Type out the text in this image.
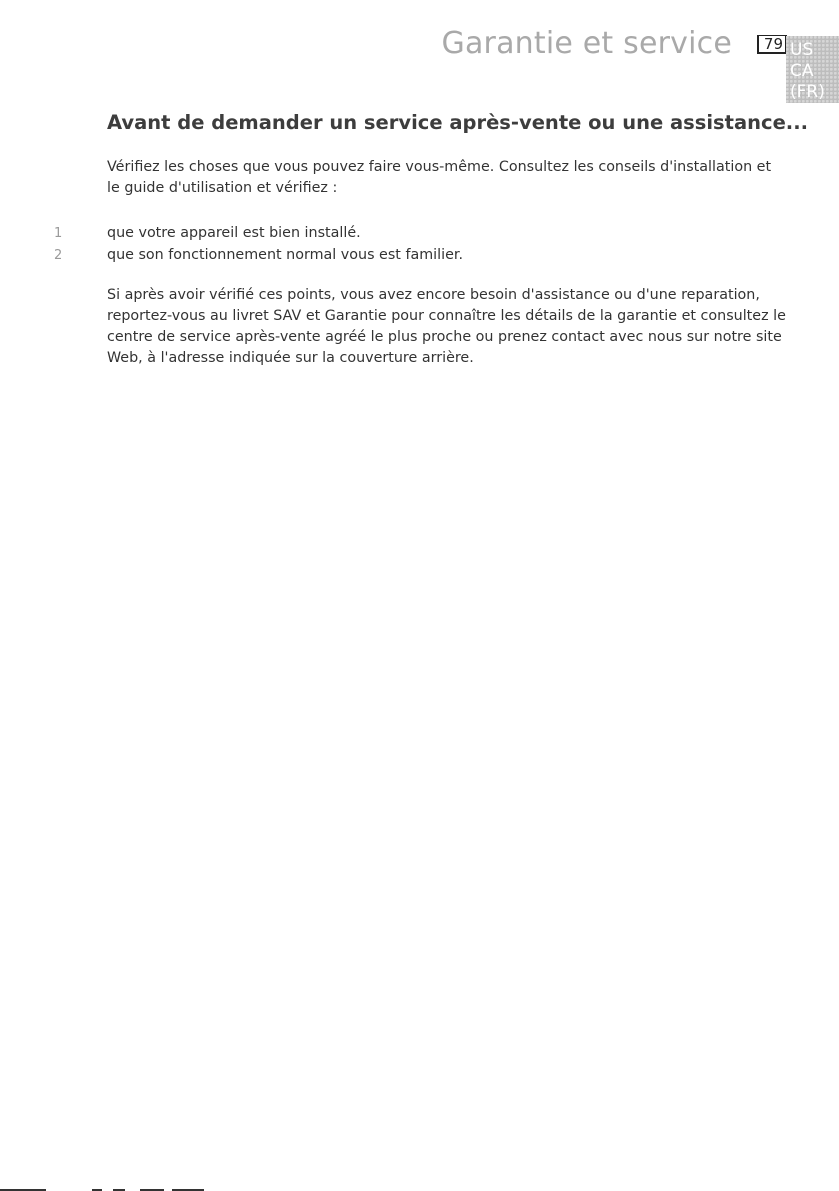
Garantie et service	79 US
CA
(FR)
Avant de demander un service après-vente ou une assistance...

Vérifiez les choses que vous pouvez faire vous-même. Consultez les conseils d'installation et le guide d'utilisation et vérifiez :

1	que votre appareil est bien installé.
2	que son fonctionnement normal vous est familier.

Si après avoir vérifié ces points, vous avez encore besoin d'assistance ou d'une reparation, reportez-vous au livret SAV et Garantie pour connaître les détails de la garantie et consultez le centre de service après-vente agréé le plus proche ou prenez contact avec nous sur notre site Web, à l'adresse indiquée sur la couverture arrière.
